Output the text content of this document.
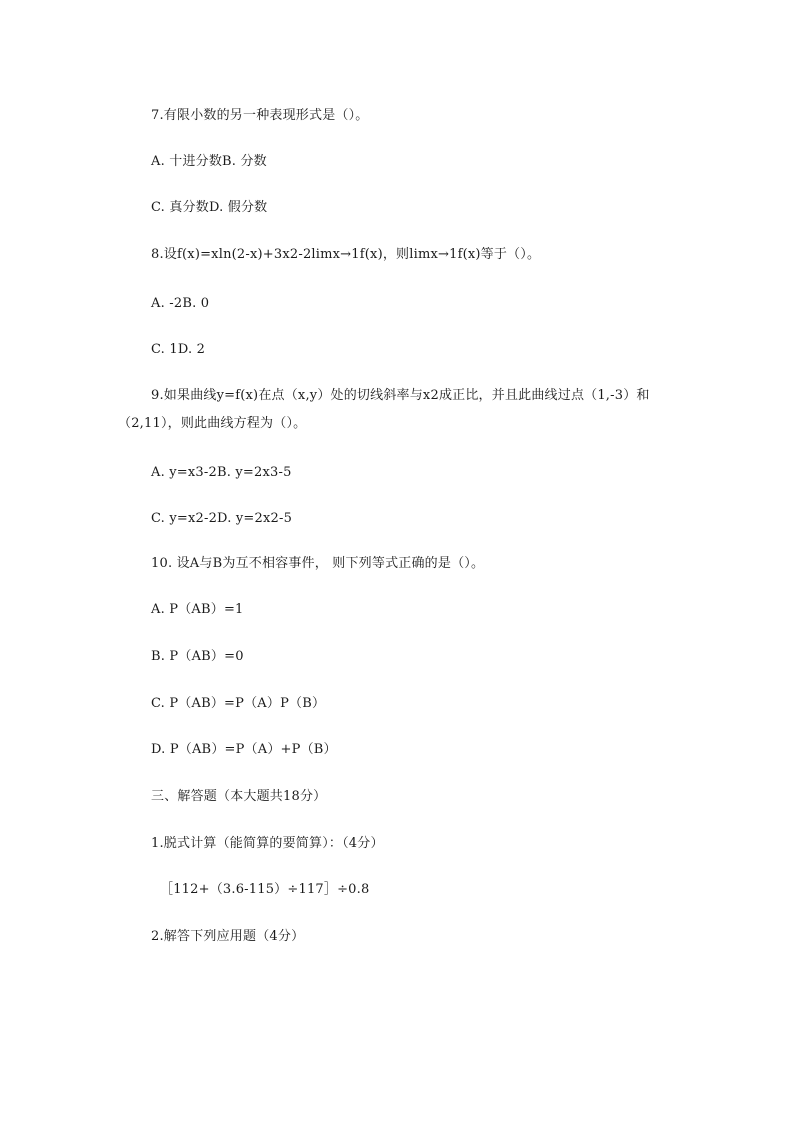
7.有限小数的另一种表现形式是（）。
A. 十进分数B. 分数
C. 真分数D. 假分数
8.设f(x)=xln(2-x)+3x2-2limx→1f(x)，则limx→1f(x)等于（）。
A. -2B. 0
C. 1D. 2
9.如果曲线y=f(x)在点（x,y）处的切线斜率与x2成正比，并且此曲线过点（1,-3）和（2,11），则此曲线方程为（）。
A. y=x3-2B. y=2x3-5
C. y=x2-2D. y=2x2-5
10. 设A与B为互不相容事件， 则下列等式正确的是（）。
A. P（AB）=1
B. P（AB）=0
C. P（AB）=P（A）P（B）
D. P（AB）=P（A）+P（B）
三、解答题（本大题共18分）
1.脱式计算（能简算的要简算）：（4分）
［112+（3.6-115）÷117］÷0.8
2.解答下列应用题（4分）
